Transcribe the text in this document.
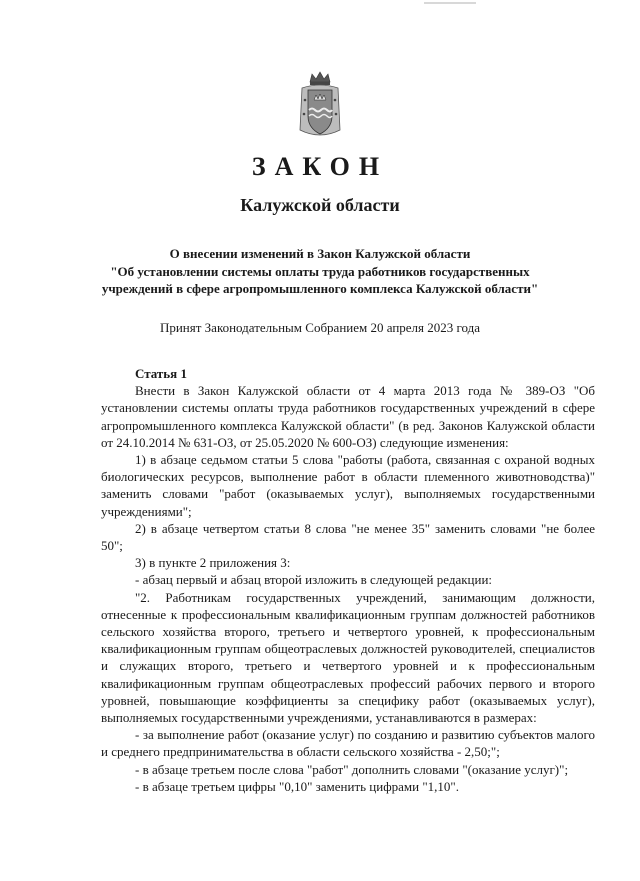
ЗАКОН
Калужской области
О внесении изменений в Закон Калужской области
"Об установлении системы оплаты труда работников государственных
учреждений в сфере агропромышленного комплекса Калужской области"
Принят Законодательным Собранием 20 апреля 2023 года

Статья 1

Внести в Закон Калужской области от 4 марта 2013 года № 389-ОЗ "Об установлении системы оплаты труда работников государственных учреждений в сфере агропромышленного комплекса Калужской области" (в ред. Законов Калужской области от 24.10.2014 № 631-ОЗ, от 25.05.2020 № 600-ОЗ) следующие изменения:

1) в абзаце седьмом статьи 5 слова "работы (работа, связанная с охраной водных биологических ресурсов, выполнение работ в области племенного животноводства)" заменить словами "работ (оказываемых услуг), выполняемых государственными учреждениями";

2) в абзаце четвертом статьи 8 слова "не менее 35" заменить словами "не более 50";

3) в пункте 2 приложения 3:

- абзац первый и абзац второй изложить в следующей редакции:

"2. Работникам государственных учреждений, занимающим должности, отнесенные к профессиональным квалификационным группам должностей работников сельского хозяйства второго, третьего и четвертого уровней, к профессиональным квалификационным группам общеотраслевых должностей руководителей, специалистов и служащих второго, третьего и четвертого уровней и к профессиональным квалификационным группам общеотраслевых профессий рабочих первого и второго уровней, повышающие коэффициенты за специфику работ (оказываемых услуг), выполняемых государственными учреждениями, устанавливаются в размерах:

- за выполнение работ (оказание услуг) по созданию и развитию субъектов малого и среднего предпринимательства в области сельского хозяйства - 2,50;";

- в абзаце третьем после слова "работ" дополнить словами "(оказание услуг)";

- в абзаце третьем цифры "0,10" заменить цифрами "1,10".
